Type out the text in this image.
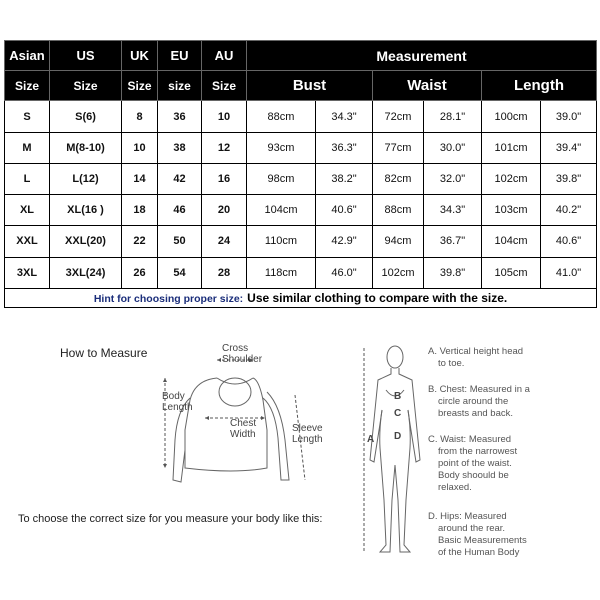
Asian	US	UK	EU	AU	Measurement					
Size	Size	Size	size	Size	Bust		Waist		Length	
S	S(6)	8	36	10	88cm	34.3"	72cm	28.1"	100cm	39.0"
M	M(8-10)	10	38	12	93cm	36.3"	77cm	30.0"	101cm	39.4"
L	L(12)	14	42	16	98cm	38.2"	82cm	32.0"	102cm	39.8"
XL	XL(16 )	18	46	20	104cm	40.6"	88cm	34.3"	103cm	40.2"
XXL	XXL(20)	22	50	24	110cm	42.9"	94cm	36.7"	104cm	40.6"
3XL	3XL(24)	26	54	28	118cm	46.0"	102cm	39.8"	105cm	41.0"
Hint for choosing proper size: Use similar clothing to compare with the size.										
How to Measure	Cross
Shoulder
Body
Length
Chest
Width
Sleeve
Length
To choose the correct size for you measure your body like this:
B
C
A D
A. Vertical height head
to toe.
B. Chest: Measured in a
circle around the
breasts and back.
C. Waist: Measured
from the narrowest
point of the waist.
Body shoould be
relaxed.
D. Hips: Measured
around the rear.
Basic Measurements
of the Human Body
